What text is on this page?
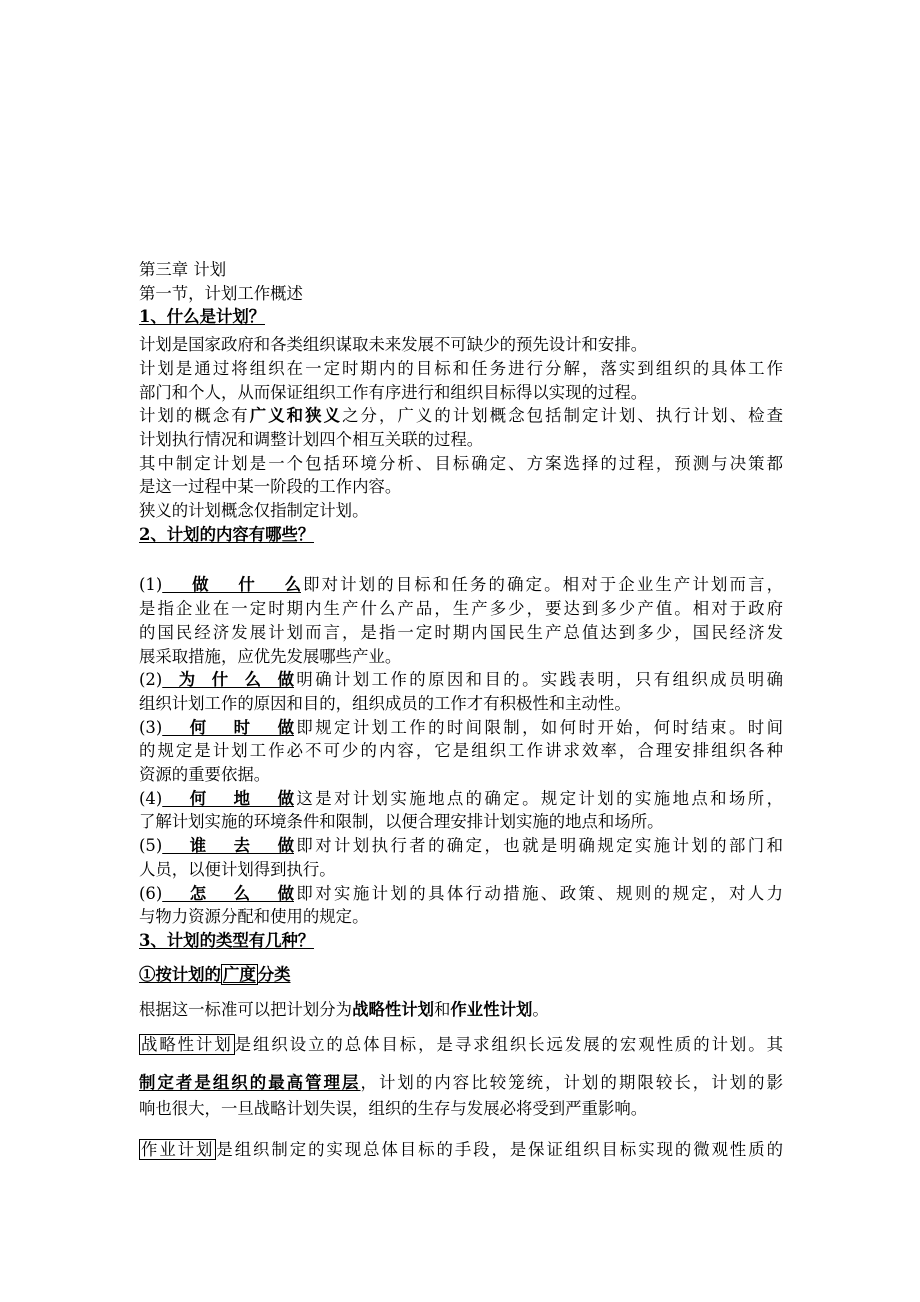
第三章 计划
第一节，计划工作概述
1、什么是计划？
计划是国家政府和各类组织谋取未来发展不可缺少的预先设计和安排。
计划是通过将组织在一定时期内的目标和任务进行分解，落实到组织的具体工作
部门和个人，从而保证组织工作有序进行和组织目标得以实现的过程。
计划的概念有广义和狭义之分，广义的计划概念包括制定计划、执行计划、检查
计划执行情况和调整计划四个相互关联的过程。
其中制定计划是一个包括环境分析、目标确定、方案选择的过程，预测与决策都
是这一过程中某一阶段的工作内容。
狭义的计划概念仅指制定计划。
2、计划的内容有哪些？
(1)做什么即对计划的目标和任务的确定。相对于企业生产计划而言，
是指企业在一定时期内生产什么产品，生产多少，要达到多少产值。相对于政府
的国民经济发展计划而言，是指一定时期内国民生产总值达到多少，国民经济发
展采取措施，应优先发展哪些产业。
(2)为什么做明确计划工作的原因和目的。实践表明，只有组织成员明确
组织计划工作的原因和目的，组织成员的工作才有积极性和主动性。
(3)何时做即规定计划工作的时间限制，如何时开始，何时结束。时间
的规定是计划工作必不可少的内容，它是组织工作讲求效率，合理安排组织各种
资源的重要依据。
(4)何地做这是对计划实施地点的确定。规定计划的实施地点和场所，
了解计划实施的环境条件和限制，以便合理安排计划实施的地点和场所。
(5)谁去做即对计划执行者的确定，也就是明确规定实施计划的部门和
人员，以便计划得到执行。
(6)怎么做即对实施计划的具体行动措施、政策、规则的规定，对人力
与物力资源分配和使用的规定。
3、计划的类型有几种？
①按计划的 广度 分类
根据这一标准可以把计划分为战略性计划和作业性计划。
战略性计划 是组织设立的总体目标，是寻求组织长远发展的宏观性质的计划。其
制定者是组织的最高管理层，计划的内容比较笼统，计划的期限较长，计划的影
响也很大，一旦战略计划失误，组织的生存与发展必将受到严重影响。
作业计划 是组织制定的实现总体目标的手段，是保证组织目标实现的微观性质的
